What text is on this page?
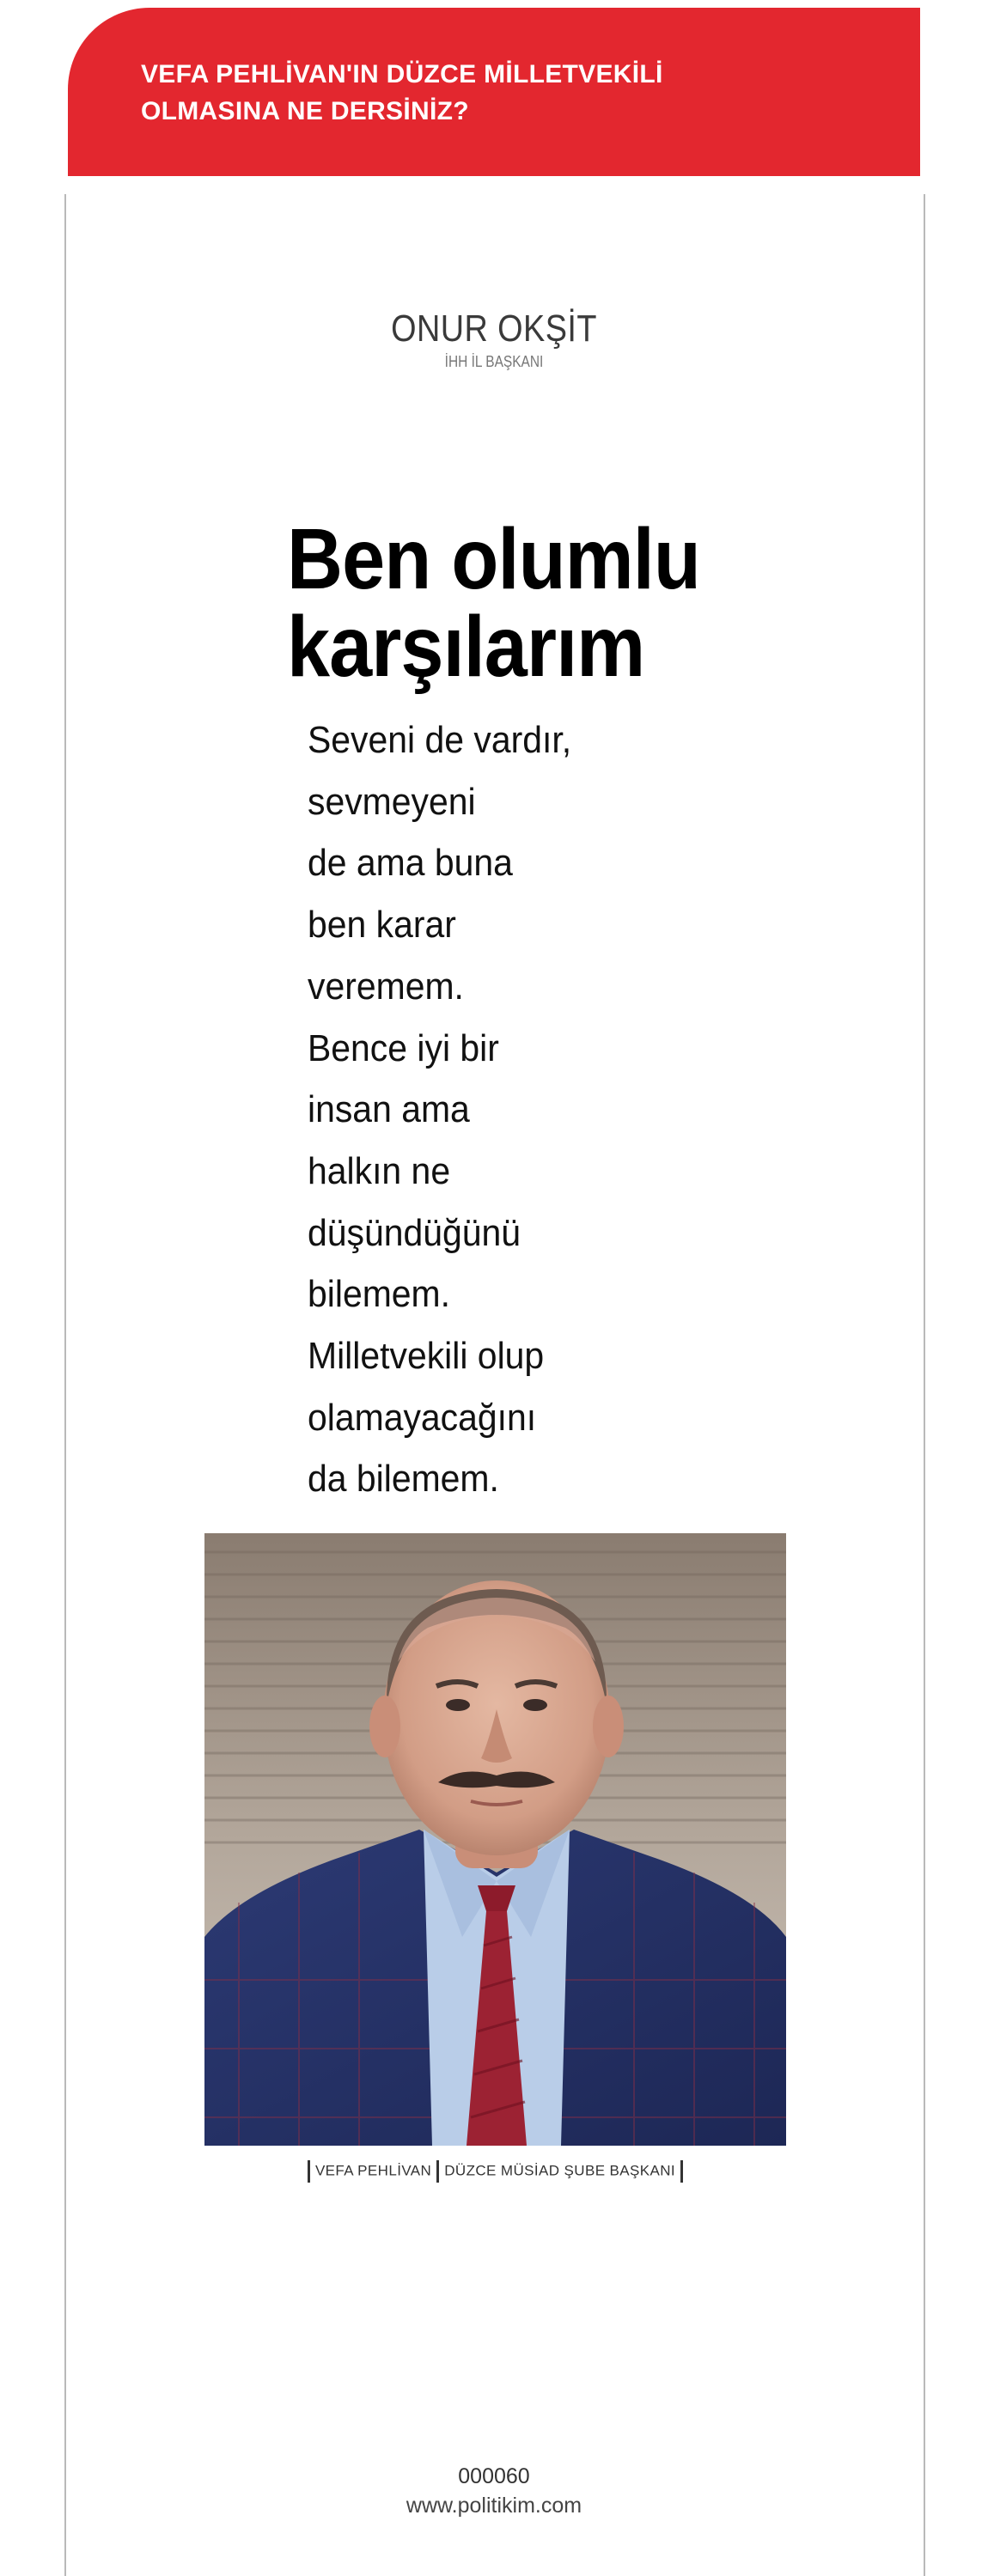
VEFA PEHLİVAN'IN DÜZCE MİLLETVEKİLİ
OLMASINA NE DERSİNİZ?
ONUR OKŞİT
İHH İL BAŞKANI
Ben olumlu
karşılarım

Seveni de vardır,
sevmeyeni
de ama buna
ben karar
veremem.
Bence iyi bir
insan ama
halkın ne
düşündüğünü
bilemem.
Milletvekili olup
olamayacağını
da bilemem.

VEFA PEHLİVAN DÜZCE MÜSİAD ŞUBE BAŞKANI
000060
www.politikim.com
